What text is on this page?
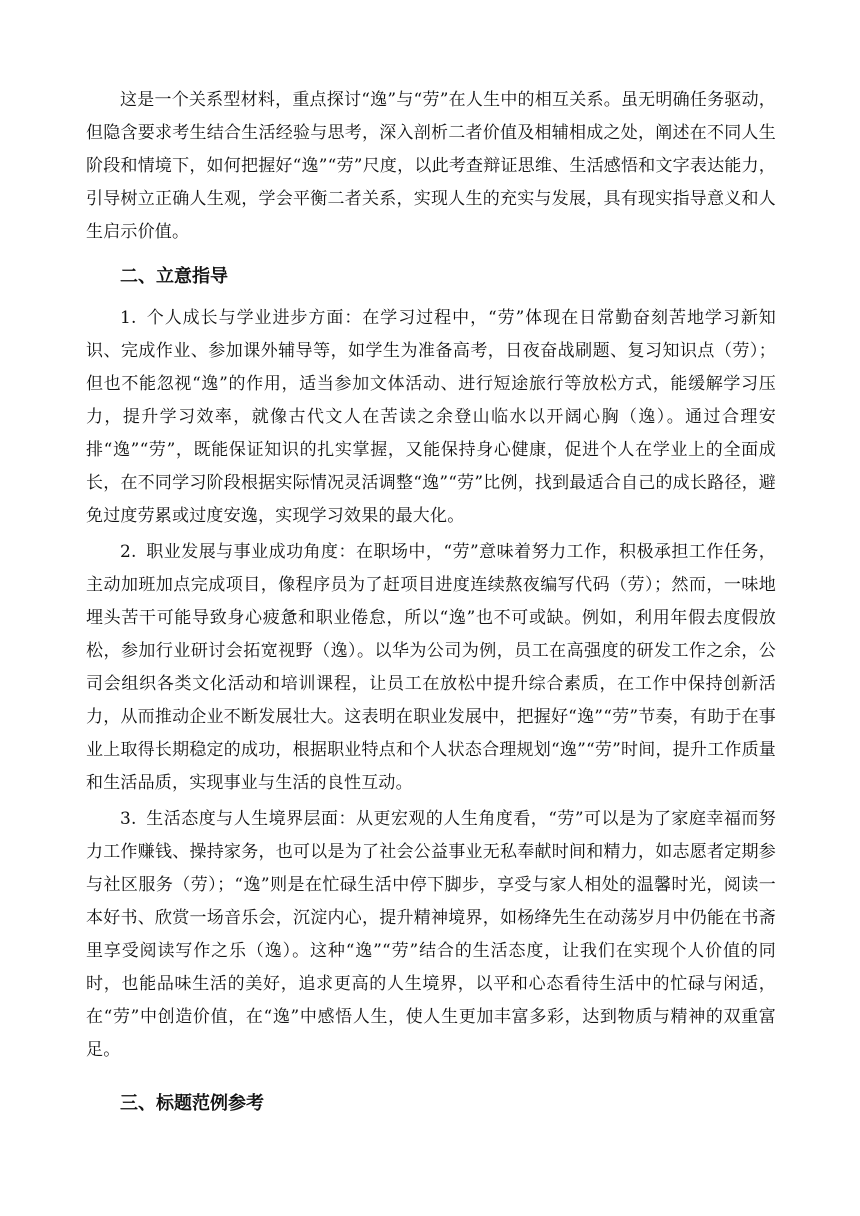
这是一个关系型材料，重点探讨“逸”与“劳”在人生中的相互关系。虽无明确任务驱动，但隐含要求考生结合生活经验与思考，深入剖析二者价值及相辅相成之处，阐述在不同人生阶段和情境下，如何把握好“逸”“劳”尺度，以此考查辩证思维、生活感悟和文字表达能力，引导树立正确人生观，学会平衡二者关系，实现人生的充实与发展，具有现实指导意义和人生启示价值。

二、立意指导

1. 个人成长与学业进步方面：在学习过程中，“劳”体现在日常勤奋刻苦地学习新知识、完成作业、参加课外辅导等，如学生为准备高考，日夜奋战刷题、复习知识点（劳）；但也不能忽视“逸”的作用，适当参加文体活动、进行短途旅行等放松方式，能缓解学习压力，提升学习效率，就像古代文人在苦读之余登山临水以开阔心胸（逸）。通过合理安排“逸”“劳”，既能保证知识的扎实掌握，又能保持身心健康，促进个人在学业上的全面成长，在不同学习阶段根据实际情况灵活调整“逸”“劳”比例，找到最适合自己的成长路径，避免过度劳累或过度安逸，实现学习效果的最大化。

2. 职业发展与事业成功角度：在职场中，“劳”意味着努力工作，积极承担工作任务，主动加班加点完成项目，像程序员为了赶项目进度连续熬夜编写代码（劳）；然而，一味地埋头苦干可能导致身心疲惫和职业倦怠，所以“逸”也不可或缺。例如，利用年假去度假放松，参加行业研讨会拓宽视野（逸）。以华为公司为例，员工在高强度的研发工作之余，公司会组织各类文化活动和培训课程，让员工在放松中提升综合素质，在工作中保持创新活力，从而推动企业不断发展壮大。这表明在职业发展中，把握好“逸”“劳”节奏，有助于在事业上取得长期稳定的成功，根据职业特点和个人状态合理规划“逸”“劳”时间，提升工作质量和生活品质，实现事业与生活的良性互动。

3. 生活态度与人生境界层面：从更宏观的人生角度看，“劳”可以是为了家庭幸福而努力工作赚钱、操持家务，也可以是为了社会公益事业无私奉献时间和精力，如志愿者定期参与社区服务（劳）；“逸”则是在忙碌生活中停下脚步，享受与家人相处的温馨时光，阅读一本好书、欣赏一场音乐会，沉淀内心，提升精神境界，如杨绛先生在动荡岁月中仍能在书斋里享受阅读写作之乐（逸）。这种“逸”“劳”结合的生活态度，让我们在实现个人价值的同时，也能品味生活的美好，追求更高的人生境界，以平和心态看待生活中的忙碌与闲适，在“劳”中创造价值，在“逸”中感悟人生，使人生更加丰富多彩，达到物质与精神的双重富足。

三、标题范例参考
